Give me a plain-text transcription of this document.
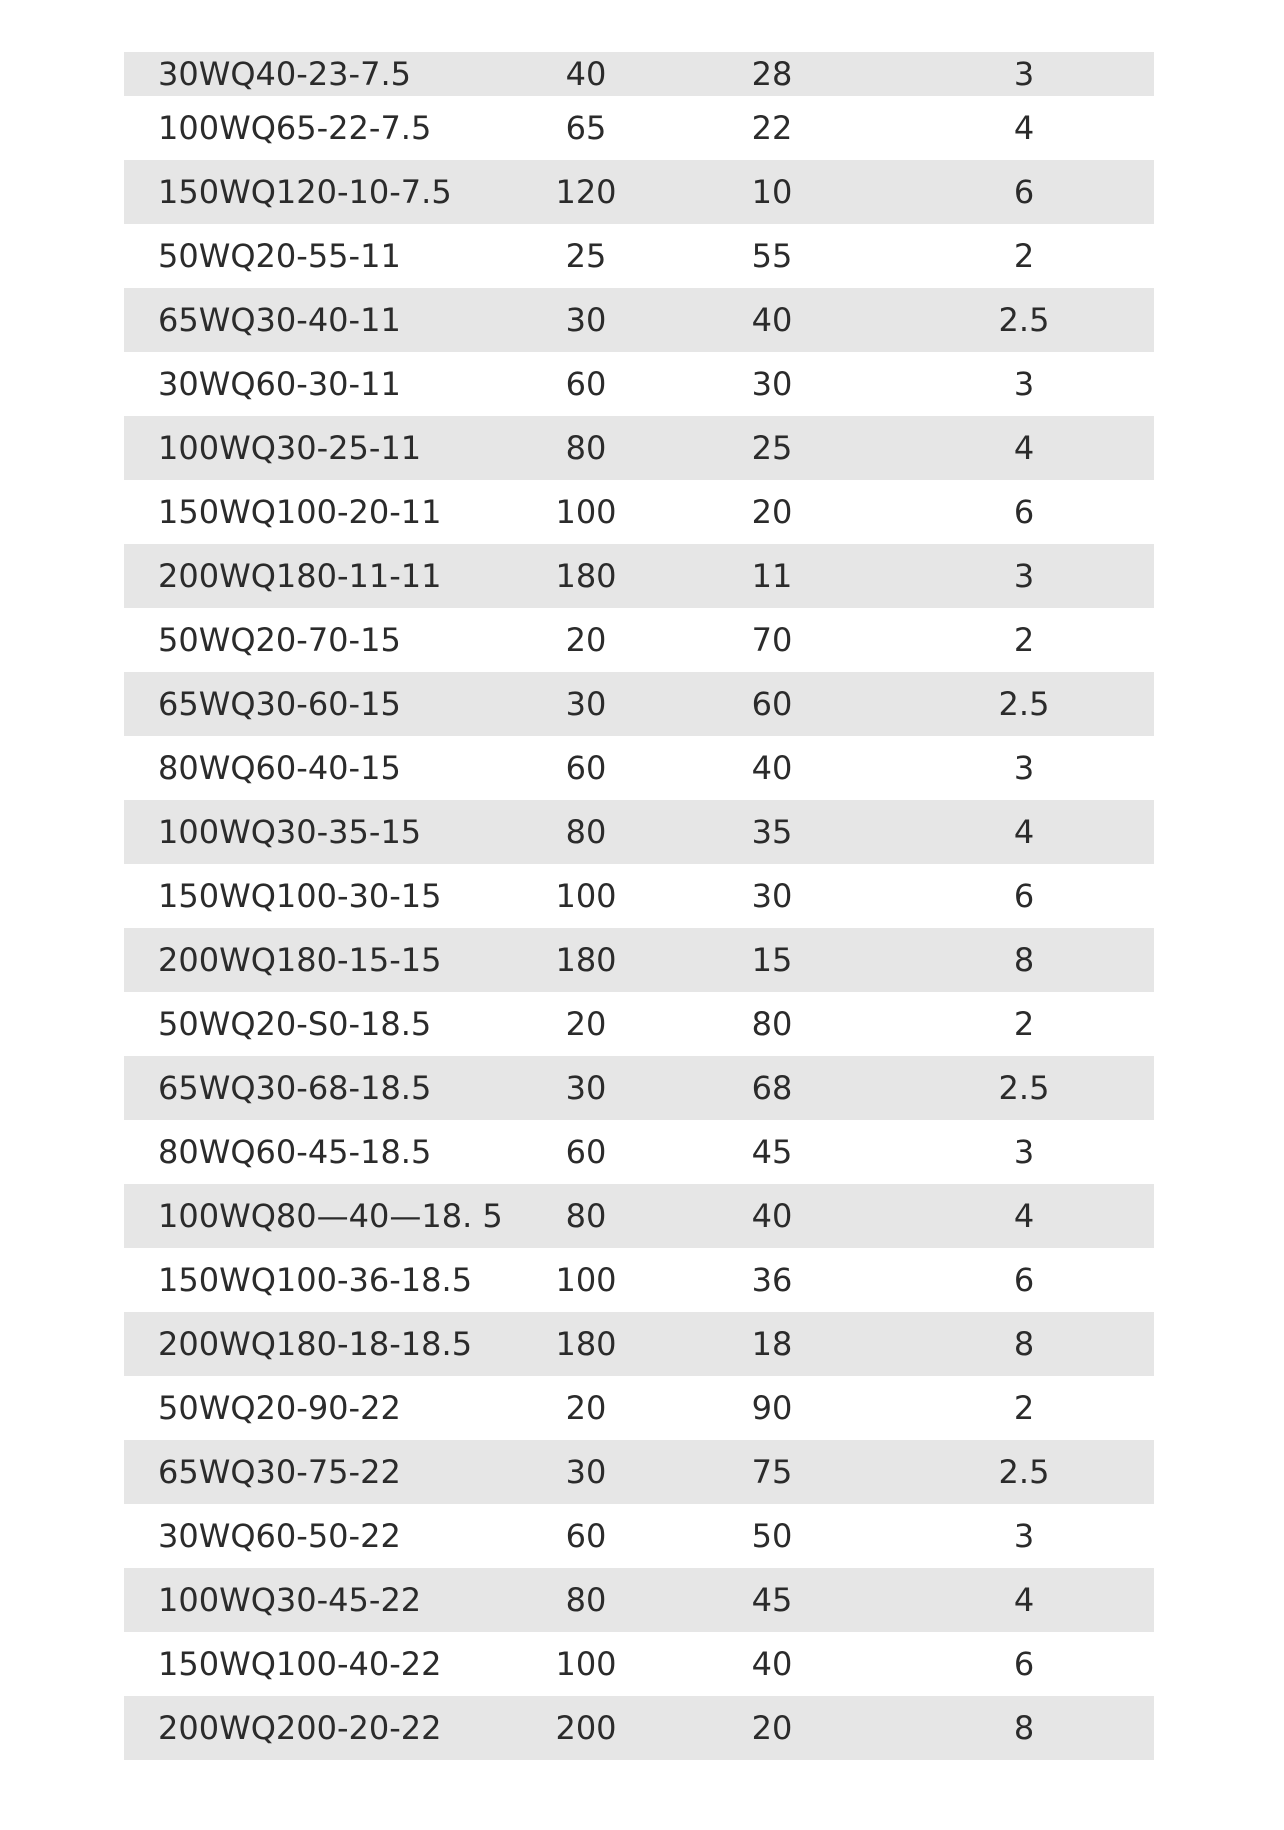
30WQ40-23-7.5	40	28	3
100WQ65-22-7.5	65	22	4
150WQ120-10-7.5	120	10	6
50WQ20-55-11	25	55	2
65WQ30-40-11	30	40	2.5
30WQ60-30-11	60	30	3
100WQ30-25-11	80	25	4
150WQ100-20-11	100	20	6
200WQ180-11-11	180	11	3
50WQ20-70-15	20	70	2
65WQ30-60-15	30	60	2.5
80WQ60-40-15	60	40	3
100WQ30-35-15	80	35	4
150WQ100-30-15	100	30	6
200WQ180-15-15	180	15	8
50WQ20-S0-18.5	20	80	2
65WQ30-68-18.5	30	68	2.5
80WQ60-45-18.5	60	45	3
100WQ80—40—18. 5	80	40	4
150WQ100-36-18.5	100	36	6
200WQ180-18-18.5	180	18	8
50WQ20-90-22	20	90	2
65WQ30-75-22	30	75	2.5
30WQ60-50-22	60	50	3
100WQ30-45-22	80	45	4
150WQ100-40-22	100	40	6
200WQ200-20-22	200	20	8
